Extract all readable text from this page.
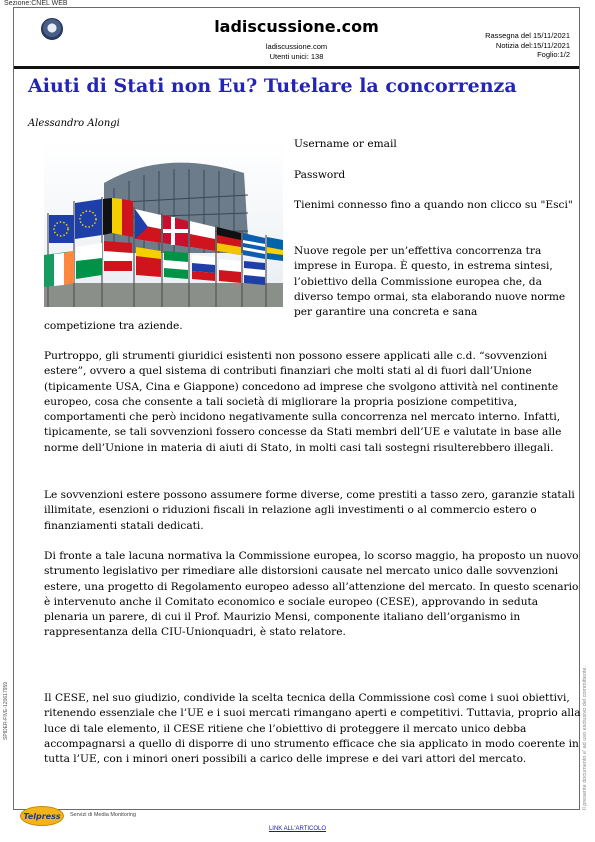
Sezione:CNEL WEB
ladiscussione.com
ladiscussione.com
Utenti unici: 138
Rassegna del 15/11/2021
Notizia del:15/11/2021
Foglio:1/2
Aiuti di Stati non Eu? Tutelare la concorrenza
Alessandro Alongi
Username or email
Password
Tienimi connesso fino a quando non clicco su "Esci"
Nuove regole per un’effettiva concorrenza tra imprese in Europa. È questo, in estrema sintesi, l’obiettivo della Commissione europea che, da diverso tempo ormai, sta elaborando nuove norme per garantire una concreta e sana
competizione tra aziende.
Purtroppo, gli strumenti giuridici esistenti non possono essere applicati alle c.d. “sovvenzioni estere”, ovvero a quel sistema di contributi finanziari che molti stati al di fuori dall’Unione (tipicamente USA, Cina e Giappone) concedono ad imprese che svolgono attività nel continente europeo, cosa che consente a tali società di migliorare la propria posizione competitiva, comportamenti che però incidono negativamente sulla concorrenza nel mercato interno. Infatti, tipicamente, se tali sovvenzioni fossero concesse da Stati membri dell’UE e valutate in base alle norme dell’Unione in materia di aiuti di Stato, in molti casi tali sostegni risulterebbero illegali.
Le sovvenzioni estere possono assumere forme diverse, come prestiti a tasso zero, garanzie statali illimitate, esenzioni o riduzioni fiscali in relazione agli investimenti o al commercio estero o finanziamenti statali dedicati.
Di fronte a tale lacuna normativa la Commissione europea, lo scorso maggio, ha proposto un nuovo strumento legislativo per rimediare alle distorsioni causate nel mercato unico dalle sovvenzioni estere, una progetto di Regolamento europeo adesso all’attenzione del mercato. In questo scenario è intervenuto anche il Comitato economico e sociale europeo (CESE), approvando in seduta plenaria un parere, di cui il Prof. Maurizio Mensi, componente italiano dell’organismo in rappresentanza della CIU-Unionquadri, è stato relatore.
Il CESE, nel suo giudizio, condivide la scelta tecnica della Commissione così come i suoi obiettivi, ritenendo essenziale che l’UE e i suoi mercati rimangano aperti e competitivi. Tuttavia, proprio alla luce di tale elemento, il CESE ritiene che l’obiettivo di proteggere il mercato unico debba accompagnarsi a quello di disporre di uno strumento efficace che sia applicato in modo coerente in tutta l’UE, con i minori oneri possibili a carico delle imprese e dei vari attori del mercato.
SPIDER-FIVE-120617959	Il presente documento e' ad uso esclusivo del committente.
Telpress	Servizi di Media Monitoring
LINK ALL'ARTICOLO
